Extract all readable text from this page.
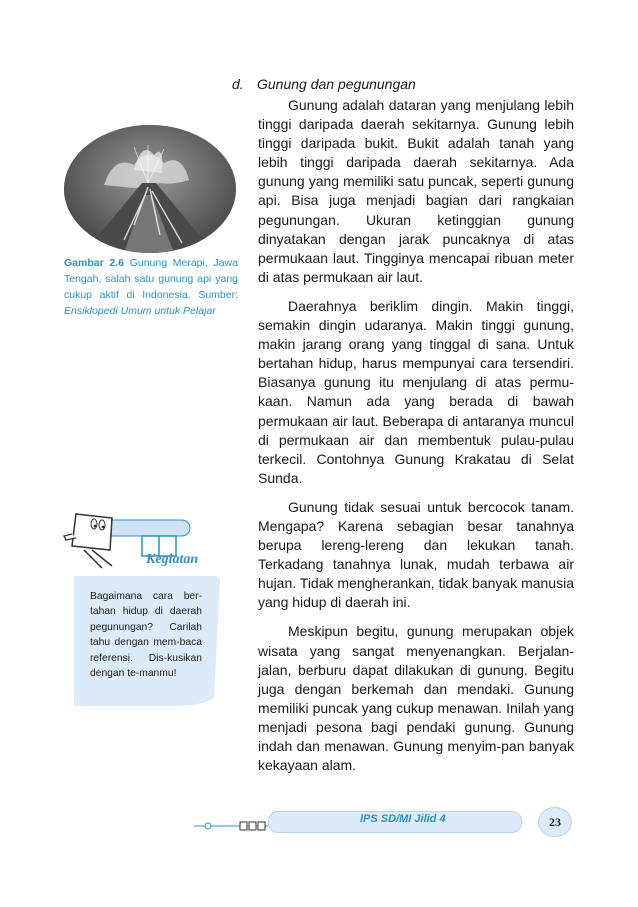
Gambar 2.6 Gunung Merapi, Jawa Tengah, salah satu gunung api yang cukup aktif di Indonesia. Sumber: Ensiklopedi Umum untuk Pelajar
d. Gunung dan pegunungan

Gunung adalah dataran yang menjulang lebih tinggi daripada daerah sekitarnya. Gunung lebih tinggi daripada bukit. Bukit adalah tanah yang lebih tinggi daripada daerah sekitarnya. Ada gunung yang memiliki satu puncak, seperti gunung api. Bisa juga menjadi bagian dari rangkaian pegunungan. Ukuran ketinggian gunung dinyatakan dengan jarak puncaknya di atas permukaan laut. Tingginya mencapai ribuan meter di atas permukaan air laut.

Daerahnya beriklim dingin. Makin tinggi, semakin dingin udaranya. Makin tinggi gunung, makin jarang orang yang tinggal di sana. Untuk bertahan hidup, harus mempunyai cara tersendiri. Biasanya gunung itu menjulang di atas permu-kaan. Namun ada yang berada di bawah permukaan air laut. Beberapa di antaranya muncul di permukaan air dan membentuk pulau-pulau terkecil. Contohnya Gunung Krakatau di Selat Sunda.

Gunung tidak sesuai untuk bercocok tanam. Mengapa? Karena sebagian besar tanahnya berupa lereng-lereng dan lekukan tanah. Terkadang tanahnya lunak, mudah terbawa air hujan. Tidak mengherankan, tidak banyak manusia yang hidup di daerah ini.

Meskipun begitu, gunung merupakan objek wisata yang sangat menyenangkan. Berjalan-jalan, berburu dapat dilakukan di gunung. Begitu juga dengan berkemah dan mendaki. Gunung memiliki puncak yang cukup menawan. Inilah yang menjadi pesona bagi pendaki gunung. Gunung indah dan menawan. Gunung menyim-pan banyak kekayaan alam.

Kegiatan
Bagaimana cara ber-tahan hidup di daerah pegunungan? Carilah tahu dengan mem-baca referensi. Dis-kusikan dengan te-manmu!
IPS SD/MI Jilid 4	23
